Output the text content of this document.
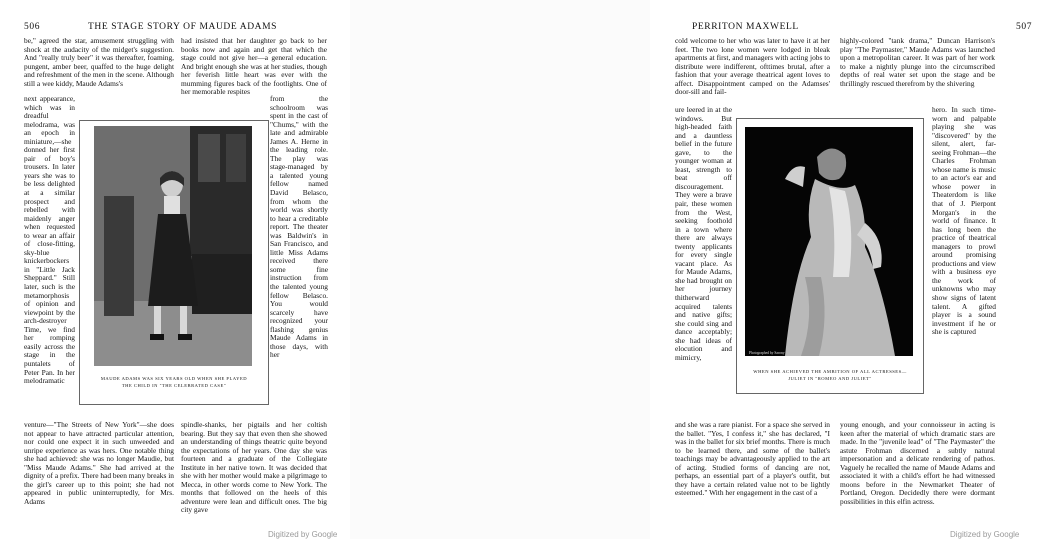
506	THE STAGE STORY OF MAUDE ADAMS

be," agreed the star, amusement struggling with shock at the audacity of the midget's suggestion. And "really truly beer" it was thereafter, foaming, pungent, amber beer, quaffed to the huge delight and refreshment of the men in the scene. Although still a wee kiddy, Maude Adams's

had insisted that her daughter go back to her books now and again and get that which the stage could not give her—a general education. And bright enough she was at her studies, though her feverish little heart was ever with the mumming figures back of the footlights. One of her memorable respites

next appearance, which was in dreadful melodrama, was an epoch in miniature,—she donned her first pair of boy's trousers. In later years she was to be less delighted at a similar prospect and rebelled with maidenly anger when requested to wear an affair of close-fitting, sky-blue knickerbockers in "Little Jack Sheppard." Still later, such is the metamorphosis of opinion and viewpoint by the arch-destroyer Time, we find her romping easily across the stage in the puntalets of Peter Pan. In her melodramatic

from the schoolroom was spent in the cast of "Chums," with the late and admirable James A. Herne in the leading role. The play was stage-managed by a talented young fellow named David Belasco, from whom the world was shortly to hear a creditable report. The theater was Baldwin's in San Francisco, and little Miss Adams received there some fine instruction from the talented young fellow Belasco. You would scarcely have recognized your flashing genius Maude Adams in those days, with her

MAUDE ADAMS WAS SIX YEARS OLD WHEN SHE PLAYED
THE CHILD IN "THE CELEBRATED CASE"

venture—"The Streets of New York"—she does not appear to have attracted particular attention, nor could one expect it in such unweeded and unripe experience as was hers. One notable thing she had achieved: she was no longer Maudie, but "Miss Maude Adams." She had arrived at the dignity of a prefix. There had been many breaks in the girl's career up to this point; she had not appeared in public uninterruptedly, for Mrs. Adams

spindle-shanks, her pigtails and her coltish bearing. But they say that even then she showed an understanding of things theatric quite beyond the expectations of her years. One day she was fourteen and a graduate of the Collegiate Institute in her native town. It was decided that she with her mother would make a pilgrimage to Mecca, in other words come to New York. The months that followed on the heels of this adventure were lean and difficult ones. The big city gave

Digitized by Google
PERRITON MAXWELL	507

cold welcome to her who was later to have it at her feet. The two lone women were lodged in bleak apartments at first, and managers with acting jobs to distribute were indifferent, ofttimes brutal, after a fashion that your average theatrical agent loves to affect. Disappointment camped on the Adamses' door-sill and fail-

highly-colored "tank drama," Duncan Harrison's play "The Paymaster," Maude Adams was launched upon a metropolitan career. It was part of her work to make a nightly plunge into the circumscribed depths of real water set upon the stage and be thrillingly rescued therefrom by the shivering

ure leered in at the windows. But high-headed faith and a dauntless belief in the future gave, to the younger woman at least, strength to beat off discouragement. They were a brave pair, these women from the West, seeking foothold in a town where there are always twenty applicants for every single vacant place. As for Maude Adams, she had brought on her journey thitherward acquired talents and native gifts; she could sing and dance acceptably; she had ideas of elocution and mimicry,

hero. In such time-worn and palpable playing she was "discovered" by the silent, alert, far-seeing Frohman—the Charles Frohman whose name is music to an actor's ear and whose power in Theaterdom is like that of J. Pierpont Morgan's in the world of finance. It has long been the practice of theatrical managers to prowl around promising productions and view with a business eye the work of unknowns who may show signs of latent talent. A gifted player is a sound investment if he or she is captured

Photographed by Sarony
WHEN SHE ACHIEVED THE AMBITION OF ALL ACTRESSES—
JULIET IN "ROMEO AND JULIET"

and she was a rare pianist. For a space she served in the ballet. "Yes, I confess it," she has declared, "I was in the ballet for six brief months. There is much to be learned there, and some of the ballet's teachings may be advantageously applied to the art of acting. Studied forms of dancing are not, perhaps, an essential part of a player's outfit, but they have a certain related value not to be lightly esteemed." With her engagement in the cast of a

young enough, and your connoisseur in acting is keen after the material of which dramatic stars are made. In the "juvenile lead" of "The Paymaster" the astute Frohman discerned a subtly natural impersonation and a delicate rendering of pathos. Vaguely he recalled the name of Maude Adams and associated it with a child's effort he had witnessed moons before in the Newmarket Theater of Portland, Oregon. Decidedly there were dormant possibilities in this elfin actress.

Digitized by Google
